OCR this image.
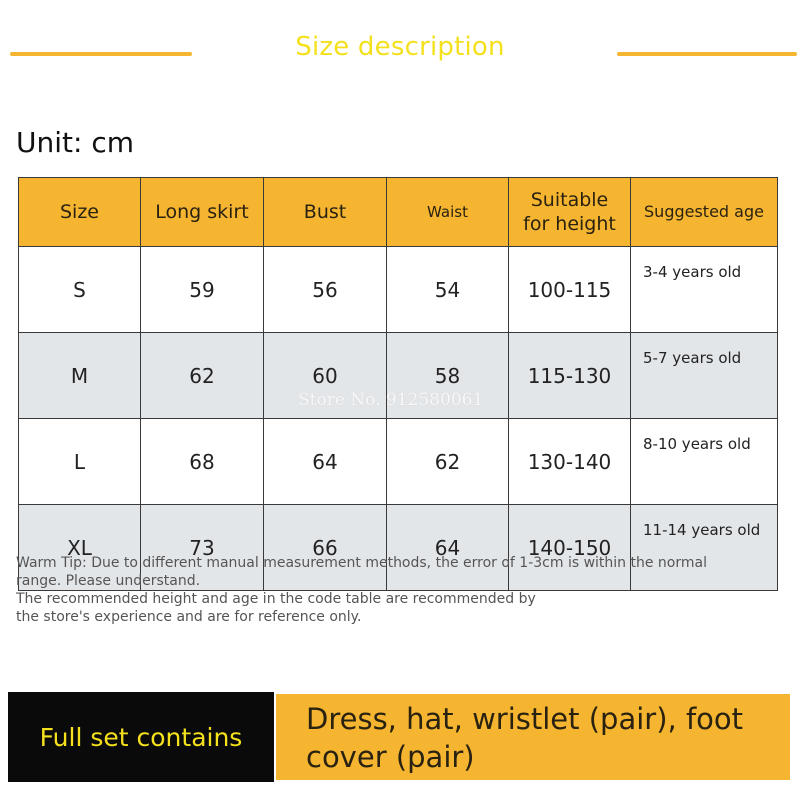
Size description
Unit: cm
Size	Long skirt	Bust	Waist	Suitable for height	Suggested age
S	59	56	54	100-115	3-4 years old
M	62	60	58	115-130	5-7 years old
L	68	64	62	130-140	8-10 years old
XL	73	66	64	140-150	11-14 years old
Store No. 912580061

Warm Tip: Due to different manual measurement methods, the error of 1-3cm is within the normal range. Please understand.

The recommended height and age in the code table are recommended by the store's experience and are for reference only.

Full set contains
Dress, hat, wristlet (pair), foot cover (pair)
